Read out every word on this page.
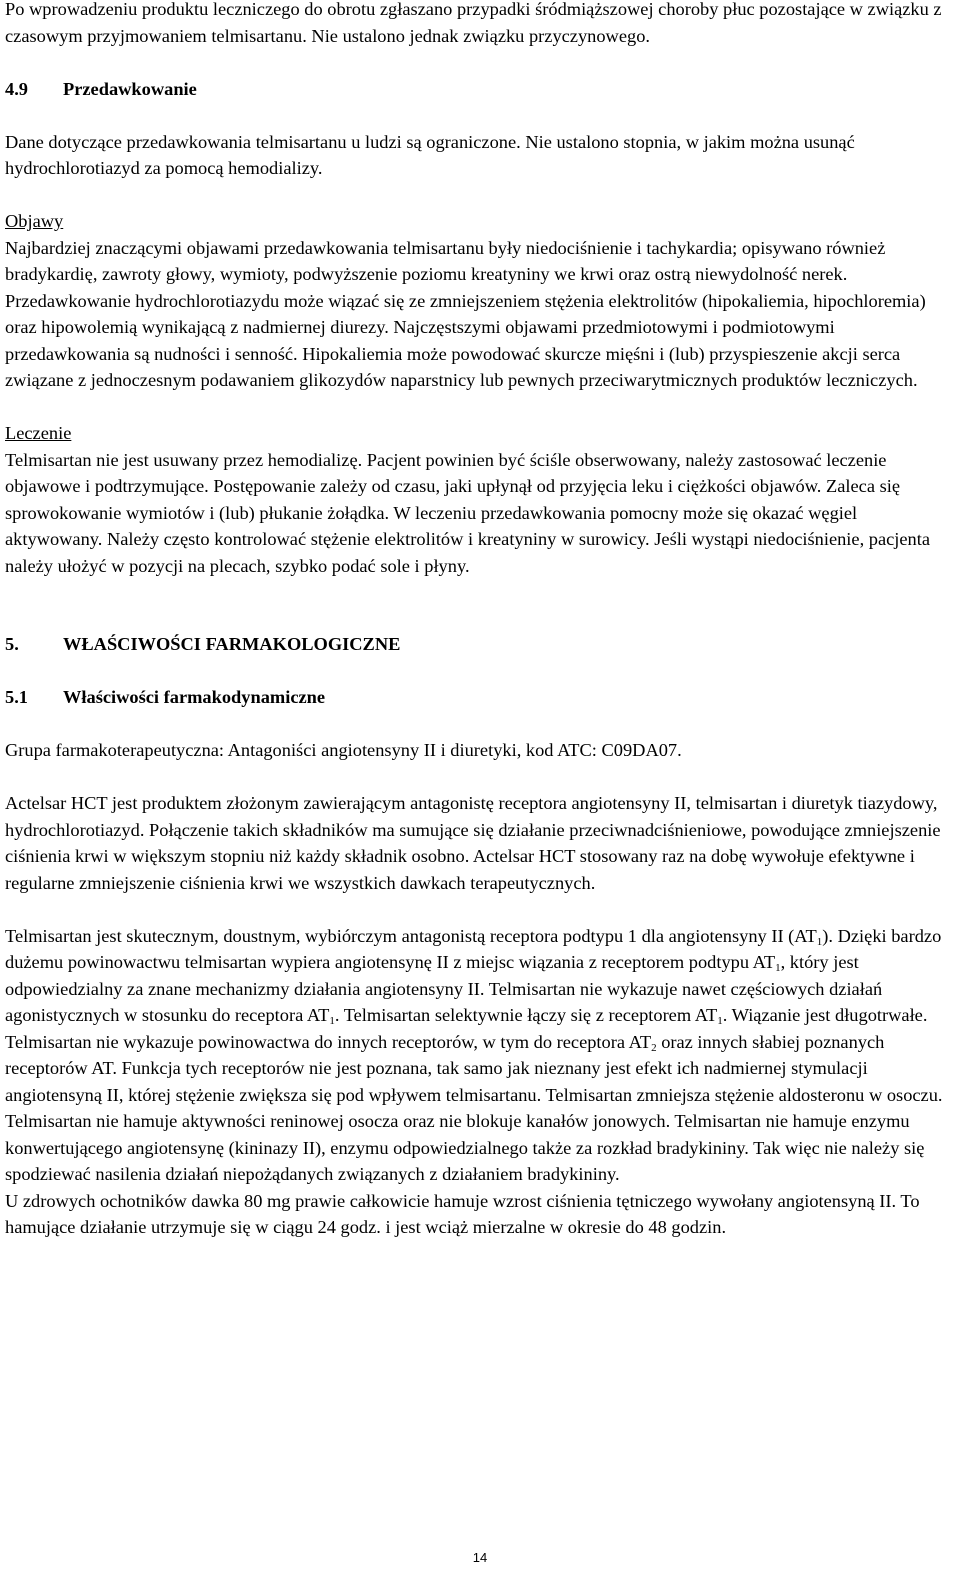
Po wprowadzeniu produktu leczniczego do obrotu zgłaszano przypadki śródmiąższowej choroby płuc pozostające w związku z czasowym przyjmowaniem telmisartanu. Nie ustalono jednak związku przyczynowego.

4.9 Przedawkowanie

Dane dotyczące przedawkowania telmisartanu u ludzi są ograniczone. Nie ustalono stopnia, w jakim można usunąć hydrochlorotiazyd za pomocą hemodializy.

Objawy

Najbardziej znaczącymi objawami przedawkowania telmisartanu były niedociśnienie i tachykardia; opisywano również bradykardię, zawroty głowy, wymioty, podwyższenie poziomu kreatyniny we krwi oraz ostrą niewydolność nerek. Przedawkowanie hydrochlorotiazydu może wiązać się ze zmniejszeniem stężenia elektrolitów (hipokaliemia, hipochloremia) oraz hipowolemią wynikającą z nadmiernej diurezy. Najczęstszymi objawami przedmiotowymi i podmiotowymi przedawkowania są nudności i senność. Hipokaliemia może powodować skurcze mięśni i (lub) przyspieszenie akcji serca związane z jednoczesnym podawaniem glikozydów naparstnicy lub pewnych przeciwarytmicznych produktów leczniczych.

Leczenie

Telmisartan nie jest usuwany przez hemodializę. Pacjent powinien być ściśle obserwowany, należy zastosować leczenie objawowe i podtrzymujące. Postępowanie zależy od czasu, jaki upłynął od przyjęcia leku i ciężkości objawów. Zaleca się sprowokowanie wymiotów i (lub) płukanie żołądka. W leczeniu przedawkowania pomocny może się okazać węgiel aktywowany. Należy często kontrolować stężenie elektrolitów i kreatyniny w surowicy. Jeśli wystąpi niedociśnienie, pacjenta należy ułożyć w pozycji na plecach, szybko podać sole i płyny.

5. WŁAŚCIWOŚCI FARMAKOLOGICZNE
5.1 Właściwości farmakodynamiczne

Grupa farmakoterapeutyczna: Antagoniści angiotensyny II i diuretyki, kod ATC: C09DA07.

Actelsar HCT jest produktem złożonym zawierającym antagonistę receptora angiotensyny II, telmisartan i diuretyk tiazydowy, hydrochlorotiazyd. Połączenie takich składników ma sumujące się działanie przeciwnadciśnieniowe, powodujące zmniejszenie ciśnienia krwi w większym stopniu niż każdy składnik osobno. Actelsar HCT stosowany raz na dobę wywołuje efektywne i regularne zmniejszenie ciśnienia krwi we wszystkich dawkach terapeutycznych.

Telmisartan jest skutecznym, doustnym, wybiórczym antagonistą receptora podtypu 1 dla angiotensyny II $(AT_1)$. Dzięki bardzo dużemu powinowactwu telmisartan wypiera angiotensynę II z miejsc wiązania z receptorem podtypu $AT_1$, który jest odpowiedzialny za znane mechanizmy działania angiotensyny II. Telmisartan nie wykazuje nawet częściowych działań agonistycznych w stosunku do receptora $AT_1$. Telmisartan selektywnie łączy się z receptorem $AT_1$. Wiązanie jest długotrwałe. Telmisartan nie wykazuje powinowactwa do innych receptorów, w tym do receptora $AT_2$ oraz innych słabiej poznanych receptorów AT. Funkcja tych receptorów nie jest poznana, tak samo jak nieznany jest efekt ich nadmiernej stymulacji angiotensyną II, której stężenie zwiększa się pod wpływem telmisartanu. Telmisartan zmniejsza stężenie aldosteronu w osoczu. Telmisartan nie hamuje aktywności reninowej osocza oraz nie blokuje kanałów jonowych. Telmisartan nie hamuje enzymu konwertującego angiotensynę (kininazy II), enzymu odpowiedzialnego także za rozkład bradykininy. Tak więc nie należy się spodziewać nasilenia działań niepożądanych związanych z działaniem bradykininy.

U zdrowych ochotników dawka 80 mg prawie całkowicie hamuje wzrost ciśnienia tętniczego wywołany angiotensyną II. To hamujące działanie utrzymuje się w ciągu 24 godz. i jest wciąż mierzalne w okresie do 48 godzin.

14
